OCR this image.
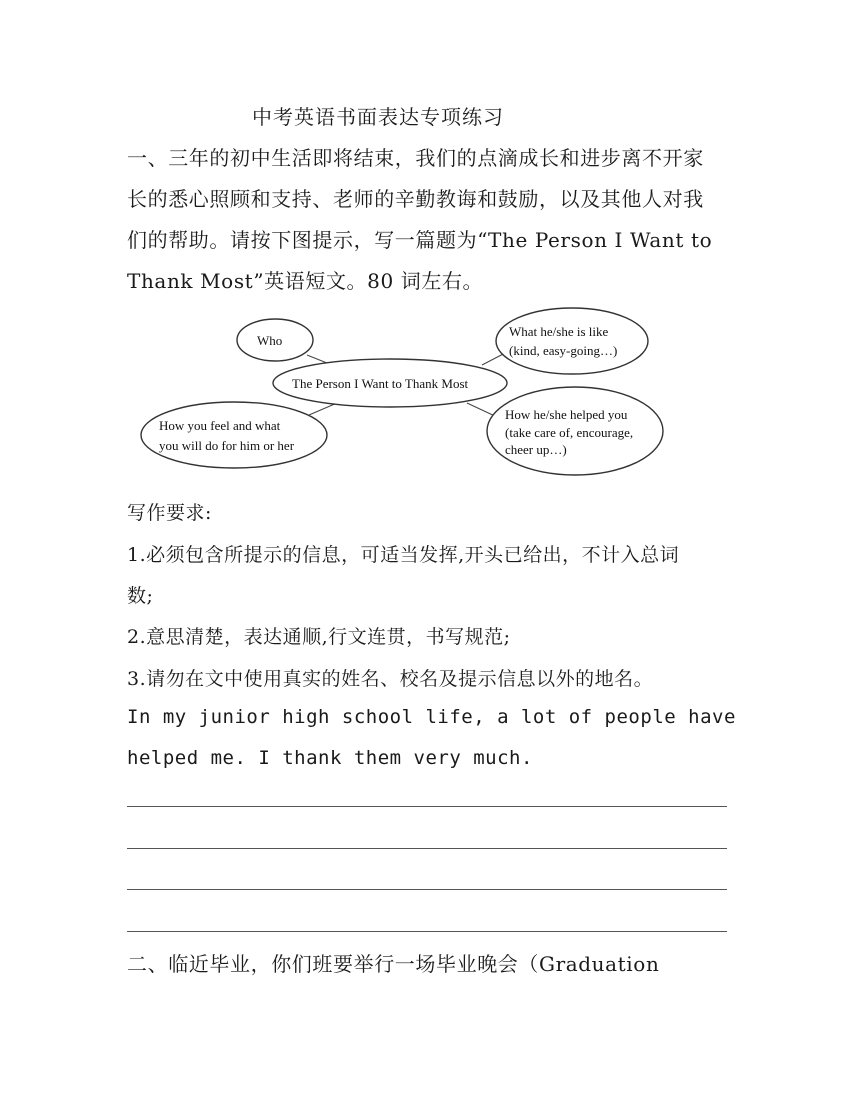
中考英语书面表达专项练习
一、三年的初中生活即将结束，我们的点滴成长和进步离不开家
长的悉心照顾和支持、老师的辛勤教诲和鼓励，以及其他人对我
们的帮助。请按下图提示，写一篇题为“The Person I Want to
Thank Most”英语短文。80 词左右。
Who
The Person I Want to Thank Most
What he/she is like
(kind, easy-going…)
How you feel and what
you will do for him or her
How he/she helped you
(take care of, encourage,
cheer up…)
写作要求:
1.必须包含所提示的信息，可适当发挥,开头已给出，不计入总词
数;
2.意思清楚，表达通顺,行文连贯，书写规范;
3.请勿在文中使用真实的姓名、校名及提示信息以外的地名。
In my junior high school life, a lot of people have
helped me. I thank them very much.
二、临近毕业，你们班要举行一场毕业晚会（Graduation
